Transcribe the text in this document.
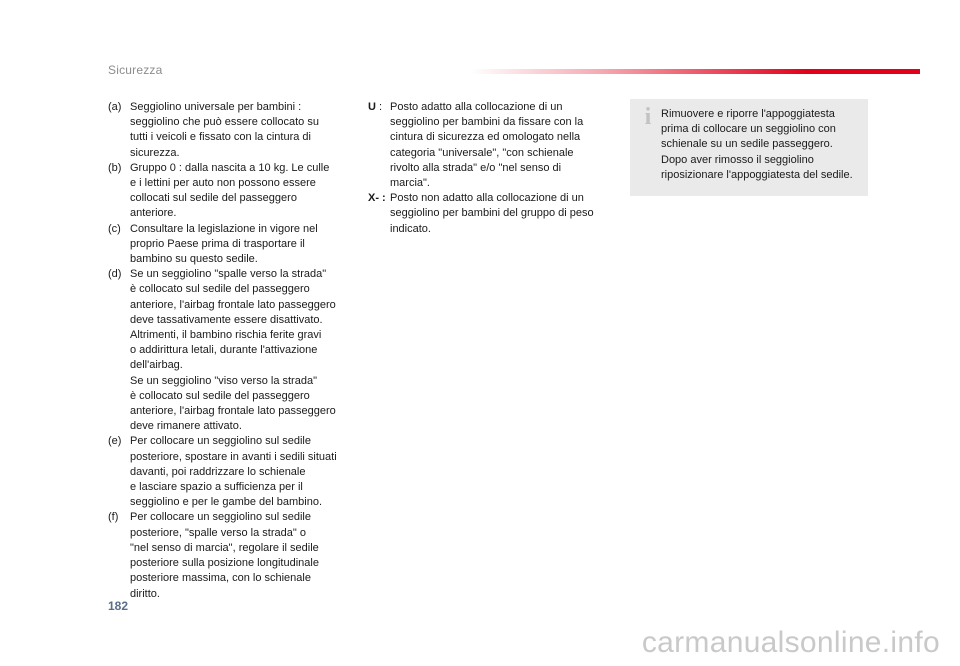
Sicurezza
(a) Seggiolino universale per bambini :
seggiolino che può essere collocato su
tutti i veicoli e fissato con la cintura di
sicurezza.
(b) Gruppo 0 : dalla nascita a 10 kg. Le culle
e i lettini per auto non possono essere
collocati sul sedile del passeggero
anteriore.
(c) Consultare la legislazione in vigore nel
proprio Paese prima di trasportare il
bambino su questo sedile.
(d) Se un seggiolino "spalle verso la strada"
è collocato sul sedile del passeggero
anteriore, l'airbag frontale lato passeggero
deve tassativamente essere disattivato.
Altrimenti, il bambino rischia ferite gravi
o addirittura letali, durante l'attivazione
dell'airbag.
Se un seggiolino "viso verso la strada"
è collocato sul sedile del passeggero
anteriore, l'airbag frontale lato passeggero
deve rimanere attivato.
(e) Per collocare un seggiolino sul sedile
posteriore, spostare in avanti i sedili situati
davanti, poi raddrizzare lo schienale
e lasciare spazio a sufficienza per il
seggiolino e per le gambe del bambino.
(f)	Per collocare un seggiolino sul sedile
posteriore, "spalle verso la strada" o
"nel senso di marcia", regolare il sedile
posteriore sulla posizione longitudinale
posteriore massima, con lo schienale
diritto.
U : Posto adatto alla collocazione di un
seggiolino per bambini da fissare con la
cintura di sicurezza ed omologato nella
categoria "universale", "con schienale
rivolto alla strada" e/o "nel senso di
marcia".
X- : Posto non adatto alla collocazione di un
seggiolino per bambini del gruppo di peso
indicato.
i Rimuovere e riporre l'appoggiatesta
prima di collocare un seggiolino con
schienale su un sedile passeggero.
Dopo aver rimosso il seggiolino
riposizionare l'appoggiatesta del sedile.
182
carmanualsonline.info
